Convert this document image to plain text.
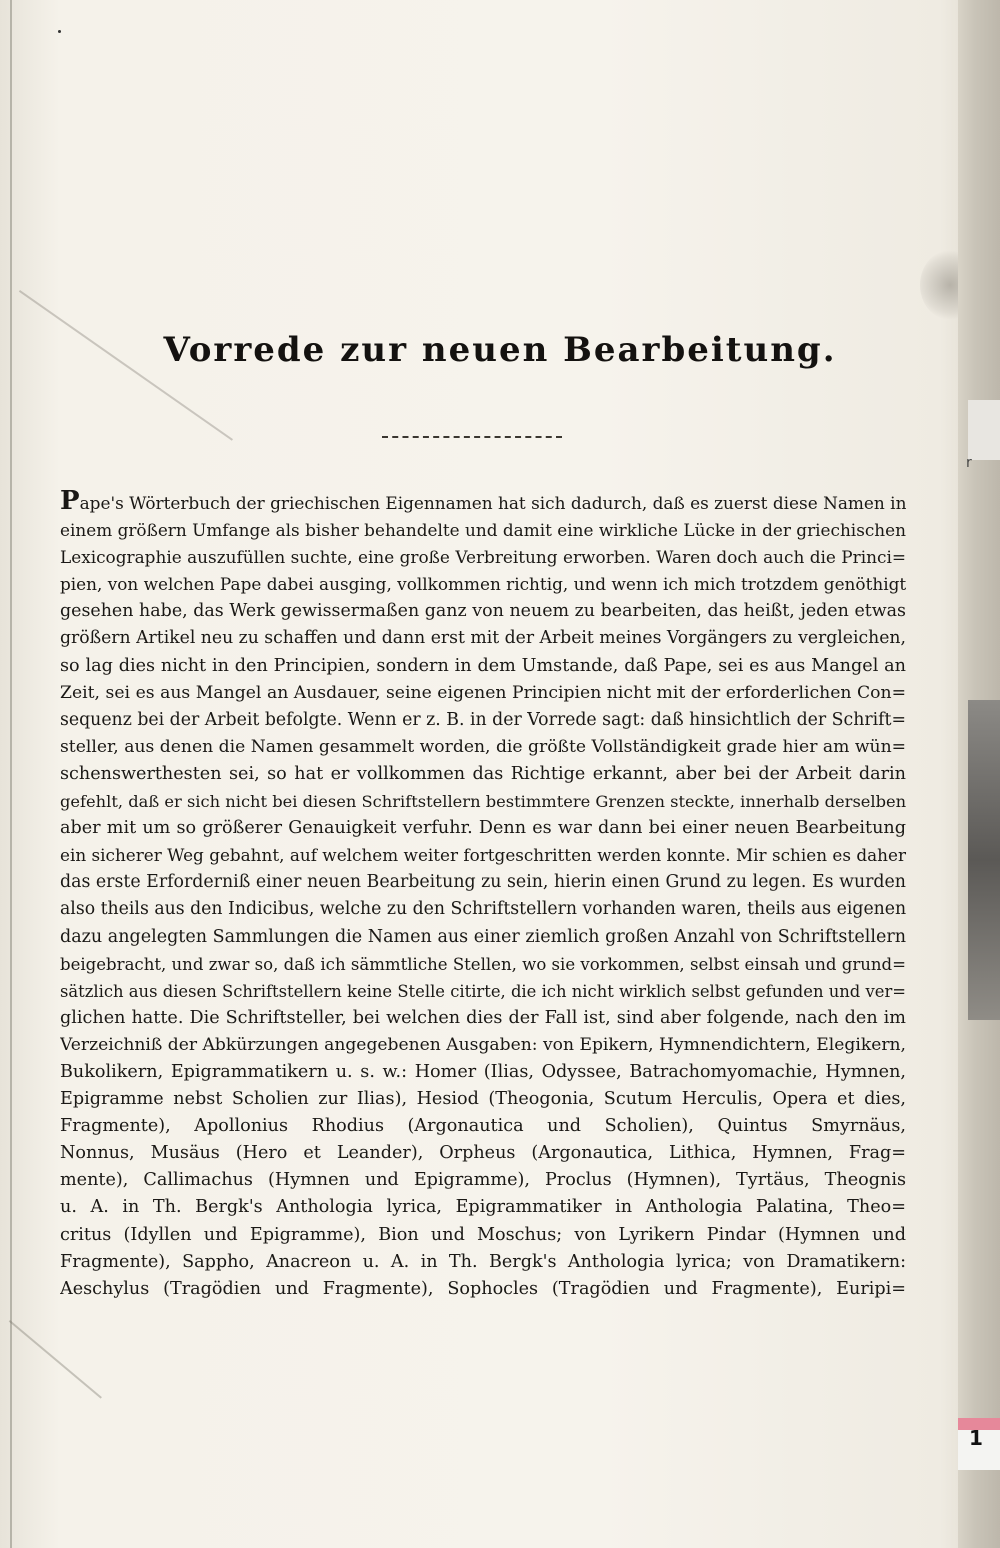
1
r
Vorrede zur neuen Bearbeitung.
Pape's Wörterbuch der griechischen Eigennamen hat sich dadurch, daß es zuerst diese Namen in
einem größern Umfange als bisher behandelte und damit eine wirkliche Lücke in der griechischen
Lexicographie auszufüllen suchte, eine große Verbreitung erworben. Waren doch auch die Princi=
pien, von welchen Pape dabei ausging, vollkommen richtig, und wenn ich mich trotzdem genöthigt
gesehen habe, das Werk gewissermaßen ganz von neuem zu bearbeiten, das heißt, jeden etwas
größern Artikel neu zu schaffen und dann erst mit der Arbeit meines Vorgängers zu vergleichen,
so lag dies nicht in den Principien, sondern in dem Umstande, daß Pape, sei es aus Mangel an
Zeit, sei es aus Mangel an Ausdauer, seine eigenen Principien nicht mit der erforderlichen Con=
sequenz bei der Arbeit befolgte. Wenn er z. B. in der Vorrede sagt: daß hinsichtlich der Schrift=
steller, aus denen die Namen gesammelt worden, die größte Vollständigkeit grade hier am wün=
schenswerthesten sei, so hat er vollkommen das Richtige erkannt, aber bei der Arbeit darin
gefehlt, daß er sich nicht bei diesen Schriftstellern bestimmtere Grenzen steckte, innerhalb derselben
aber mit um so größerer Genauigkeit verfuhr. Denn es war dann bei einer neuen Bearbeitung
ein sicherer Weg gebahnt, auf welchem weiter fortgeschritten werden konnte. Mir schien es daher
das erste Erforderniß einer neuen Bearbeitung zu sein, hierin einen Grund zu legen. Es wurden
also theils aus den Indicibus, welche zu den Schriftstellern vorhanden waren, theils aus eigenen
dazu angelegten Sammlungen die Namen aus einer ziemlich großen Anzahl von Schriftstellern
beigebracht, und zwar so, daß ich sämmtliche Stellen, wo sie vorkommen, selbst einsah und grund=
sätzlich aus diesen Schriftstellern keine Stelle citirte, die ich nicht wirklich selbst gefunden und ver=
glichen hatte. Die Schriftsteller, bei welchen dies der Fall ist, sind aber folgende, nach den im
Verzeichniß der Abkürzungen angegebenen Ausgaben: von Epikern, Hymnendichtern, Elegikern,
Bukolikern, Epigrammatikern u. s. w.: Homer (Ilias, Odyssee, Batrachomyomachie, Hymnen,
Epigramme nebst Scholien zur Ilias), Hesiod (Theogonia, Scutum Herculis, Opera et dies,
Fragmente), Apollonius Rhodius (Argonautica und Scholien), Quintus Smyrnäus,
Nonnus, Musäus (Hero et Leander), Orpheus (Argonautica, Lithica, Hymnen, Frag=
mente), Callimachus (Hymnen und Epigramme), Proclus (Hymnen), Tyrtäus, Theognis
u. A. in Th. Bergk's Anthologia lyrica, Epigrammatiker in Anthologia Palatina, Theo=
critus (Idyllen und Epigramme), Bion und Moschus; von Lyrikern Pindar (Hymnen und
Fragmente), Sappho, Anacreon u. A. in Th. Bergk's Anthologia lyrica; von Dramatikern:
Aeschylus (Tragödien und Fragmente), Sophocles (Tragödien und Fragmente), Euripi=
